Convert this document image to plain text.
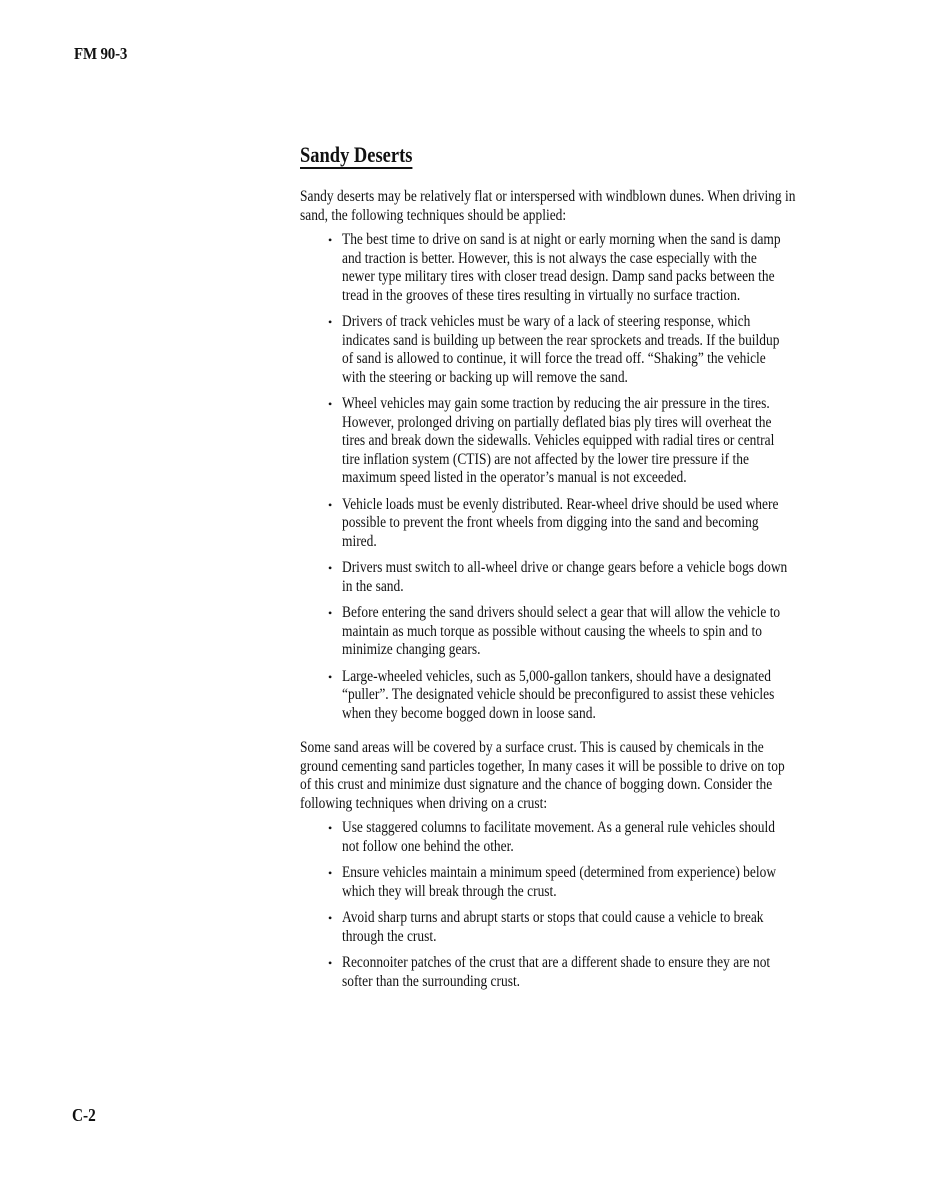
FM 90-3
Sandy Deserts

Sandy deserts may be relatively flat or interspersed with windblown dunes. When driving in sand, the following techniques should be applied:

• The best time to drive on sand is at night or early morning when the sand is damp and traction is better. However, this is not always the case especially with the newer type military tires with closer tread design. Damp sand packs between the tread in the grooves of these tires resulting in virtually no surface traction.
• Drivers of track vehicles must be wary of a lack of steering response, which indicates sand is building up between the rear sprockets and treads. If the buildup of sand is allowed to continue, it will force the tread off. “Shaking” the vehicle with the steering or backing up will remove the sand.
• Wheel vehicles may gain some traction by reducing the air pressure in the tires. However, prolonged driving on partially deflated bias ply tires will overheat the tires and break down the sidewalls. Vehicles equipped with radial tires or central tire inflation system (CTIS) are not affected by the lower tire pressure if the maximum speed listed in the operator’s manual is not exceeded.
• Vehicle loads must be evenly distributed. Rear-wheel drive should be used where possible to prevent the front wheels from digging into the sand and becoming mired.
• Drivers must switch to all-wheel drive or change gears before a vehicle bogs down in the sand.
• Before entering the sand drivers should select a gear that will allow the vehicle to maintain as much torque as possible without causing the wheels to spin and to minimize changing gears.
• Large-wheeled vehicles, such as 5,000-gallon tankers, should have a designated “puller”. The designated vehicle should be preconfigured to assist these vehicles when they become bogged down in loose sand.

Some sand areas will be covered by a surface crust. This is caused by chemicals in the ground cementing sand particles together, In many cases it will be possible to drive on top of this crust and minimize dust signature and the chance of bogging down. Consider the following techniques when driving on a crust:

• Use staggered columns to facilitate movement. As a general rule vehicles should not follow one behind the other.
• Ensure vehicles maintain a minimum speed (determined from experience) below which they will break through the crust.
• Avoid sharp turns and abrupt starts or stops that could cause a vehicle to break through the crust.
• Reconnoiter patches of the crust that are a different shade to ensure they are not softer than the surrounding crust.
C-2
